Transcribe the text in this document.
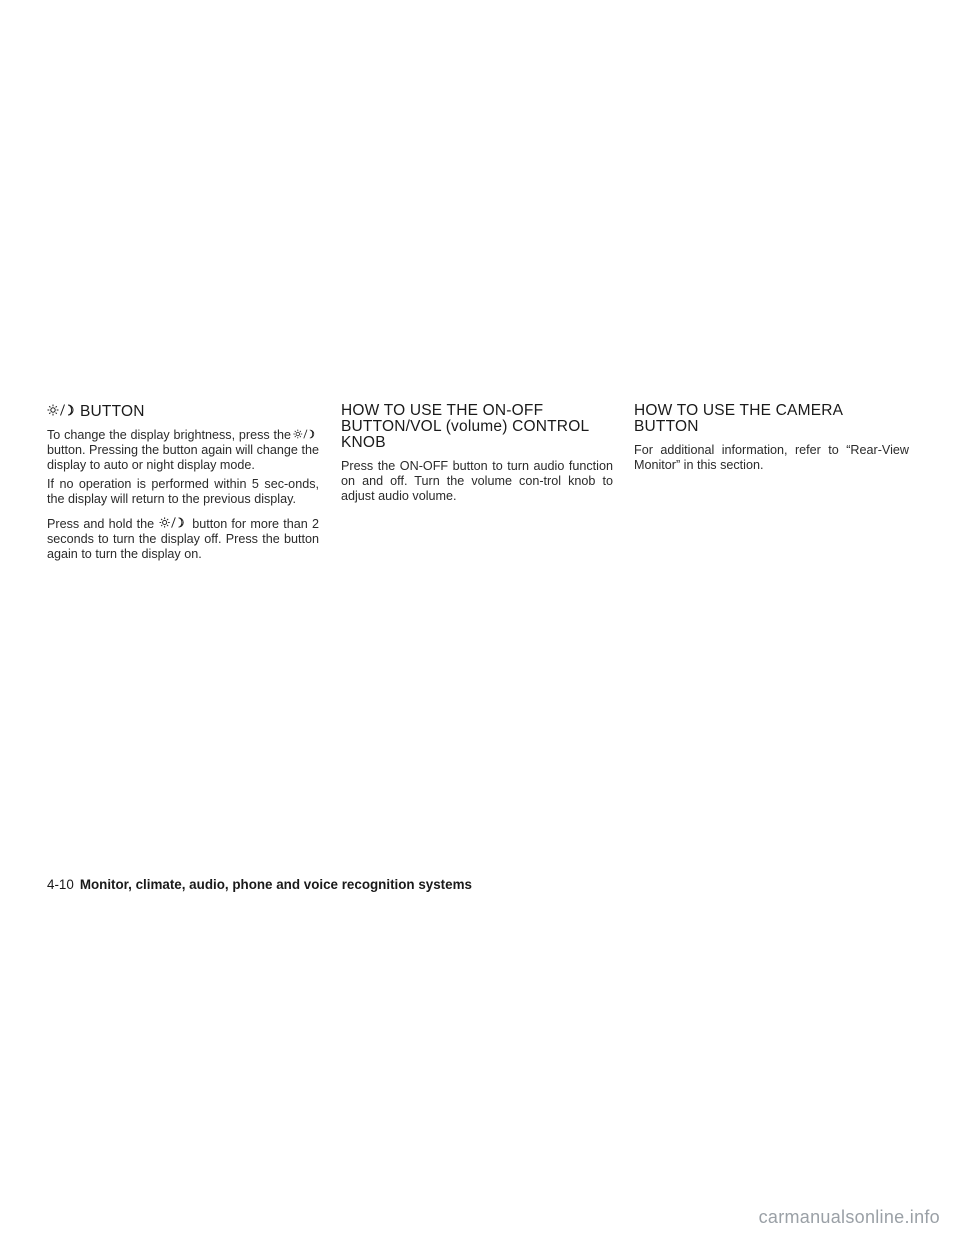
BUTTON

To change the display brightness, press thebutton. Pressing the button again will change the display to auto or night display mode.

If no operation is performed within 5 sec-onds, the display will return to the previous display.

Press and hold the	button for more than 2 seconds to turn the display off. Press the button again to turn the display on.

HOW TO USE THE ON-OFF BUTTON/VOL (volume) CONTROL KNOB

Press the ON-OFF button to turn audio function on and off. Turn the volume con-trol knob to adjust audio volume.

HOW TO USE THE CAMERA BUTTON

For additional information, refer to “Rear-View Monitor” in this section.

4-10 Monitor, climate, audio, phone and voice recognition systems
carmanualsonline.info
